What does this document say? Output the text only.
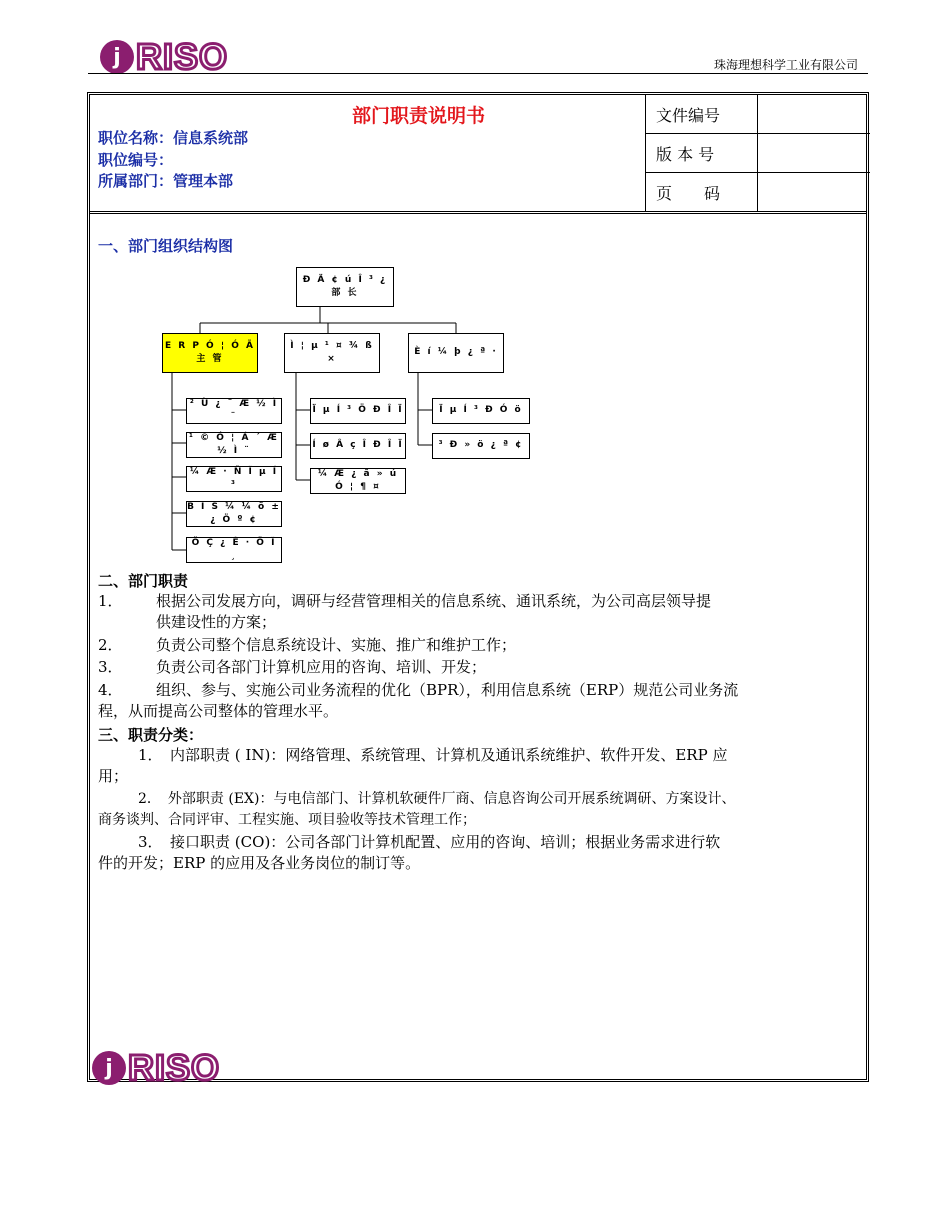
j RISO	珠海理想科学工业有限公司
部门职责说明书
职位名称：信息系统部
职位编号：
所属部门：管理本部
文件编号
版 本 号
页　　码
一、部门组织结构图
Ð Ä ¢ ú Î ³ ¿
部 长
E R P Ó ¦ Ó Ã
主 管
Ì ¦ µ ¹ ¤ ¾ ß ×
È í ¼ þ ¿ ª ·
² Ù ¿ ¨ Æ ½ Ì ¨
¹ © Ó ¦ Á ´ Æ ½ Ì ¨
¼ Æ · Ñ Ï µ Í ³
B I S ¼ ¼ õ ± ¿ Ö º ¢
Ö Ç ¿ Ê · Ö Ï ¸
Ï µ Í ³ Ö Ð Î Ï
Í ø Â ç Î Ð Î Ï
¼ Æ ¿ ã » ú Ó ¦ ¶ ¤
Ï µ Í ³ Ð Ó ö
³ Ð » ö ¿ ª ¢
二、部门职责
1． 根据公司发展方向，调研与经营管理相关的信息系统、通讯系统，为公司高层领导提
供建设性的方案；
2． 负责公司整个信息系统设计、实施、推广和维护工作；
3． 负责公司各部门计算机应用的咨询、培训、开发；
4． 组织、参与、实施公司业务流程的优化（BPR），利用信息系统（ERP）规范公司业务流
程，从而提高公司整体的管理水平。
三、职责分类：
1．　内部职责 ( IN)：网络管理、系统管理、计算机及通讯系统维护、软件开发、ERP 应
用；
2．　外部职责 (EX)：与电信部门、计算机软硬件厂商、信息咨询公司开展系统调研、方案设计、
商务谈判、合同评审、工程实施、项目验收等技术管理工作；
3．　接口职责 (CO)：公司各部门计算机配置、应用的咨询、培训；根据业务需求进行软
件的开发；ERP 的应用及各业务岗位的制订等。
j RISO
